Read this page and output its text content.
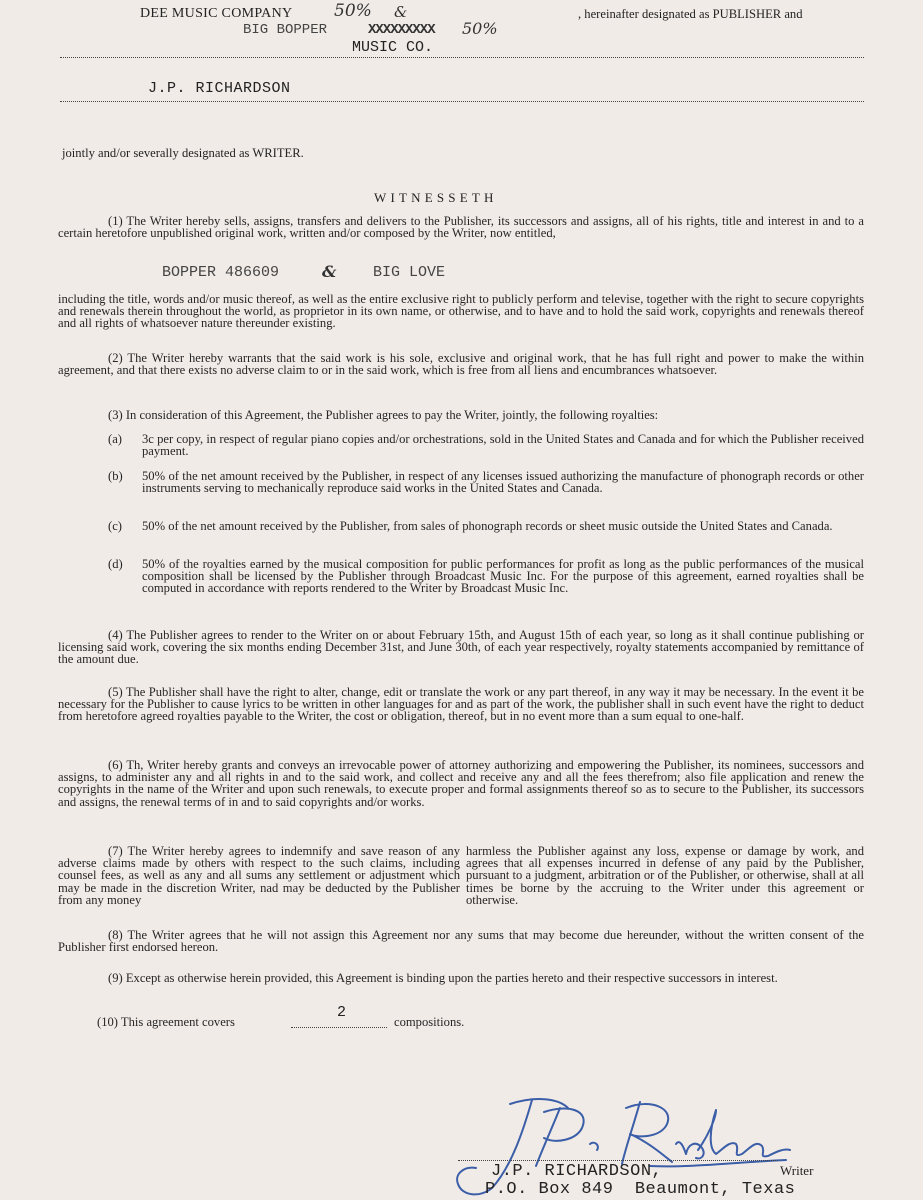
DEE MUSIC COMPANY 50% &	, hereinafter designated as PUBLISHER and
BIG BOPPER	XXXXXXXXX 50%
MUSIC CO.
J.P. RICHARDSON
jointly and/or severally designated as WRITER.
WITNESSETH
(1) The Writer hereby sells, assigns, transfers and delivers to the Publisher, its successors and assigns, all of his rights, title and interest in and to a certain heretofore unpublished original work, written and/or composed by the Writer, now entitled,
BOPPER 486609	& BIG LOVE
including the title, words and/or music thereof, as well as the entire exclusive right to publicly perform and televise, together with the right to secure copyrights and renewals therein throughout the world, as proprietor in its own name, or otherwise, and to have and to hold the said work, copyrights and renewals thereof and all rights of whatsoever nature thereunder existing.
(2) The Writer hereby warrants that the said work is his sole, exclusive and original work, that he has full right and power to make the within agreement, and that there exists no adverse claim to or in the said work, which is free from all liens and encumbrances whatsoever.
(3) In consideration of this Agreement, the Publisher agrees to pay the Writer, jointly, the following royalties:
(a)	3c per copy, in respect of regular piano copies and/or orchestrations, sold in the United States and Canada and for which the Publisher received payment.
(b)	50% of the net amount received by the Publisher, in respect of any licenses issued authorizing the manufacture of phonograph records or other instruments serving to mechanically reproduce said works in the United States and Canada.
(c)	50% of the net amount received by the Publisher, from sales of phonograph records or sheet music outside the United States and Canada.
(d)	50% of the royalties earned by the musical composition for public performances for profit as long as the public performances of the musical composition shall be licensed by the Publisher through Broadcast Music Inc. For the purpose of this agreement, earned royalties shall be computed in accordance with reports rendered to the Writer by Broadcast Music Inc.
(4) The Publisher agrees to render to the Writer on or about February 15th, and August 15th of each year, so long as it shall continue publishing or licensing said work, covering the six months ending December 31st, and June 30th, of each year respectively, royalty statements accompanied by remittance of the amount due.
(5) The Publisher shall have the right to alter, change, edit or translate the work or any part thereof, in any way it may be necessary. In the event it be necessary for the Publisher to cause lyrics to be written in other languages for and as part of the work, the publisher shall in such event have the right to deduct from heretofore agreed royalties payable to the Writer, the cost or obligation, thereof, but in no event more than a sum equal to one-half.
(6) Th, Writer hereby grants and conveys an irrevocable power of attorney authorizing and empowering the Publisher, its nominees, successors and assigns, to administer any and all rights in and to the said work, and collect and receive any and all the fees therefrom; also file application and renew the copyrights in the name of the Writer and upon such renewals, to execute proper and formal assignments thereof so as to secure to the Publisher, its successors and assigns, the renewal terms of in and to said copyrights and/or works.
(7) The Writer hereby agrees to indemnify and save reason of any adverse claims made by others with respect to the such claims, including counsel fees, as well as any and all sums any settlement or adjustment which may be made in the discretion Writer, nad may be deducted by the Publisher from any money
harmless the Publisher against any loss, expense or damage by work, and agrees that all expenses incurred in defense of any paid by the Publisher, pursuant to a judgment, arbitration or of the Publisher, or otherwise, shall at all times be borne by the accruing to the Writer under this agreement or otherwise.
(8) The Writer agrees that he will not assign this Agreement nor any sums that may become due hereunder, without the written consent of the Publisher first endorsed hereon.
(9) Except as otherwise herein provided, this Agreement is binding upon the parties hereto and their respective successors in interest.
(10) This agreement covers
2
compositions.
J.P. RICHARDSON,	Writer
P.O. Box 849  Beaumont, Texas
